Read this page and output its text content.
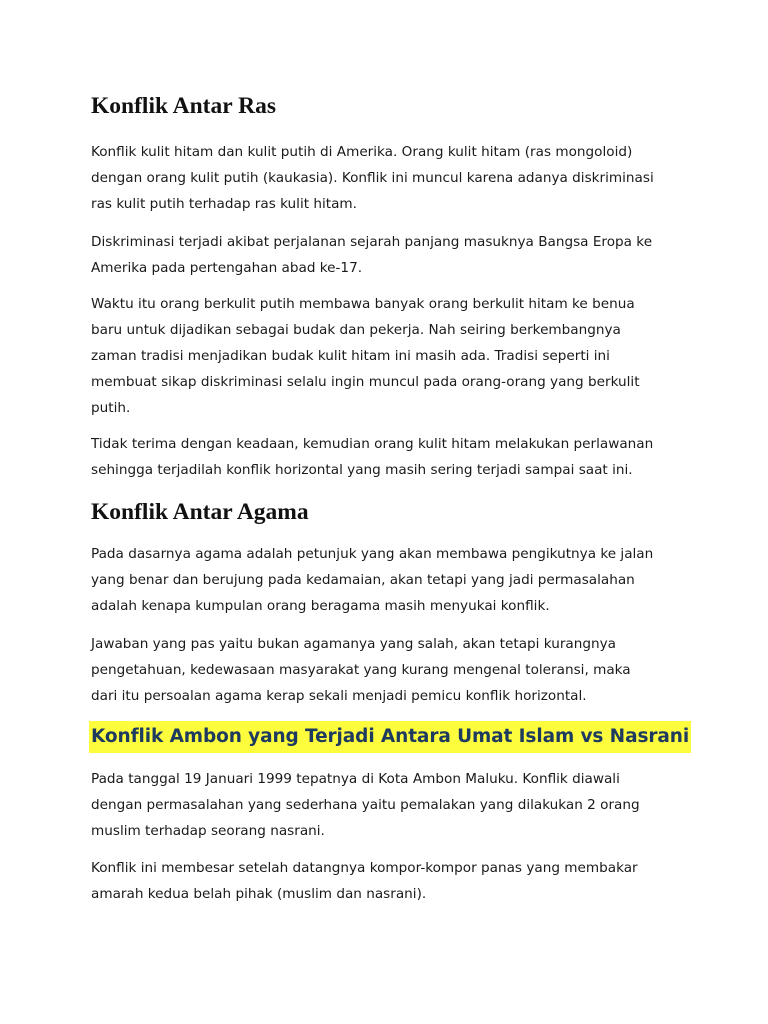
Konflik Antar Ras

Konflik kulit hitam dan kulit putih di Amerika. Orang kulit hitam (ras mongoloid)
dengan orang kulit putih (kaukasia). Konflik ini muncul karena adanya diskriminasi
ras kulit putih terhadap ras kulit hitam.

Diskriminasi terjadi akibat perjalanan sejarah panjang masuknya Bangsa Eropa ke
Amerika pada pertengahan abad ke-17.

Waktu itu orang berkulit putih membawa banyak orang berkulit hitam ke benua
baru untuk dijadikan sebagai budak dan pekerja. Nah seiring berkembangnya
zaman tradisi menjadikan budak kulit hitam ini masih ada. Tradisi seperti ini
membuat sikap diskriminasi selalu ingin muncul pada orang-orang yang berkulit
putih.

Tidak terima dengan keadaan, kemudian orang kulit hitam melakukan perlawanan
sehingga terjadilah konflik horizontal yang masih sering terjadi sampai saat ini.

Konflik Antar Agama

Pada dasarnya agama adalah petunjuk yang akan membawa pengikutnya ke jalan
yang benar dan berujung pada kedamaian, akan tetapi yang jadi permasalahan
adalah kenapa kumpulan orang beragama masih menyukai konflik.

Jawaban yang pas yaitu bukan agamanya yang salah, akan tetapi kurangnya
pengetahuan, kedewasaan masyarakat yang kurang mengenal toleransi, maka
dari itu persoalan agama kerap sekali menjadi pemicu konflik horizontal.

Konflik Ambon yang Terjadi Antara Umat Islam vs Nasrani

Pada tanggal 19 Januari 1999 tepatnya di Kota Ambon Maluku. Konflik diawali
dengan permasalahan yang sederhana yaitu pemalakan yang dilakukan 2 orang
muslim terhadap seorang nasrani.

Konflik ini membesar setelah datangnya kompor-kompor panas yang membakar
amarah kedua belah pihak (muslim dan nasrani).
